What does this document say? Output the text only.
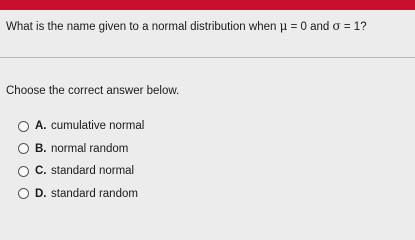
What is the name given to a normal distribution when μ = 0 and σ = 1?
Choose the correct answer below.
A. cumulative normal
B. normal random
C. standard normal
D. standard random
